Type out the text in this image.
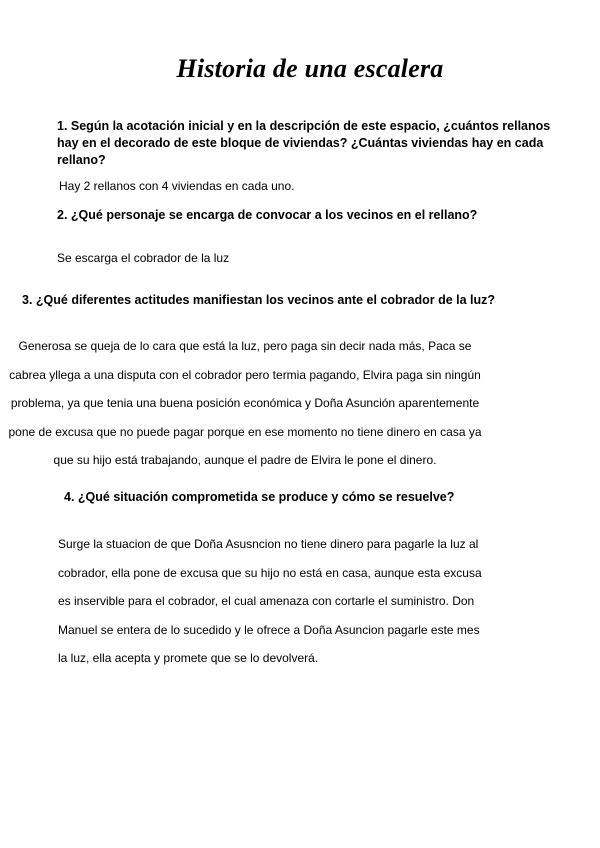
Historia de una escalera
1. Según la acotación inicial y en la descripción de este espacio, ¿cuántos rellanos
hay en el decorado de este bloque de viviendas? ¿Cuántas viviendas hay en cada
rellano?
Hay 2 rellanos con 4 viviendas en cada uno.
2. ¿Qué personaje se encarga de convocar a los vecinos en el rellano?
Se escarga el cobrador de la luz
3. ¿Qué diferentes actitudes manifiestan los vecinos ante el cobrador de la luz?
Generosa se queja de lo cara que está la luz, pero paga sin decir nada más, Paca se
cabrea yllega a una disputa con el cobrador pero termia pagando, Elvira paga sin ningún
problema, ya que tenia una buena posición económica y Doña Asunción aparentemente
pone de excusa que no puede pagar porque en ese momento no tiene dinero en casa ya
que su hijo está trabajando, aunque el padre de Elvira le pone el dinero.
4. ¿Qué situación comprometida se produce y cómo se resuelve?
Surge la stuacion de que Doña Asusncion no tiene dinero para pagarle la luz al
cobrador, ella pone de excusa que su hijo no está en casa, aunque esta excusa
es inservible para el cobrador, el cual amenaza con cortarle el suministro. Don
Manuel se entera de lo sucedido y le ofrece a Doña Asuncion pagarle este mes
la luz, ella acepta y promete que se lo devolverá.
